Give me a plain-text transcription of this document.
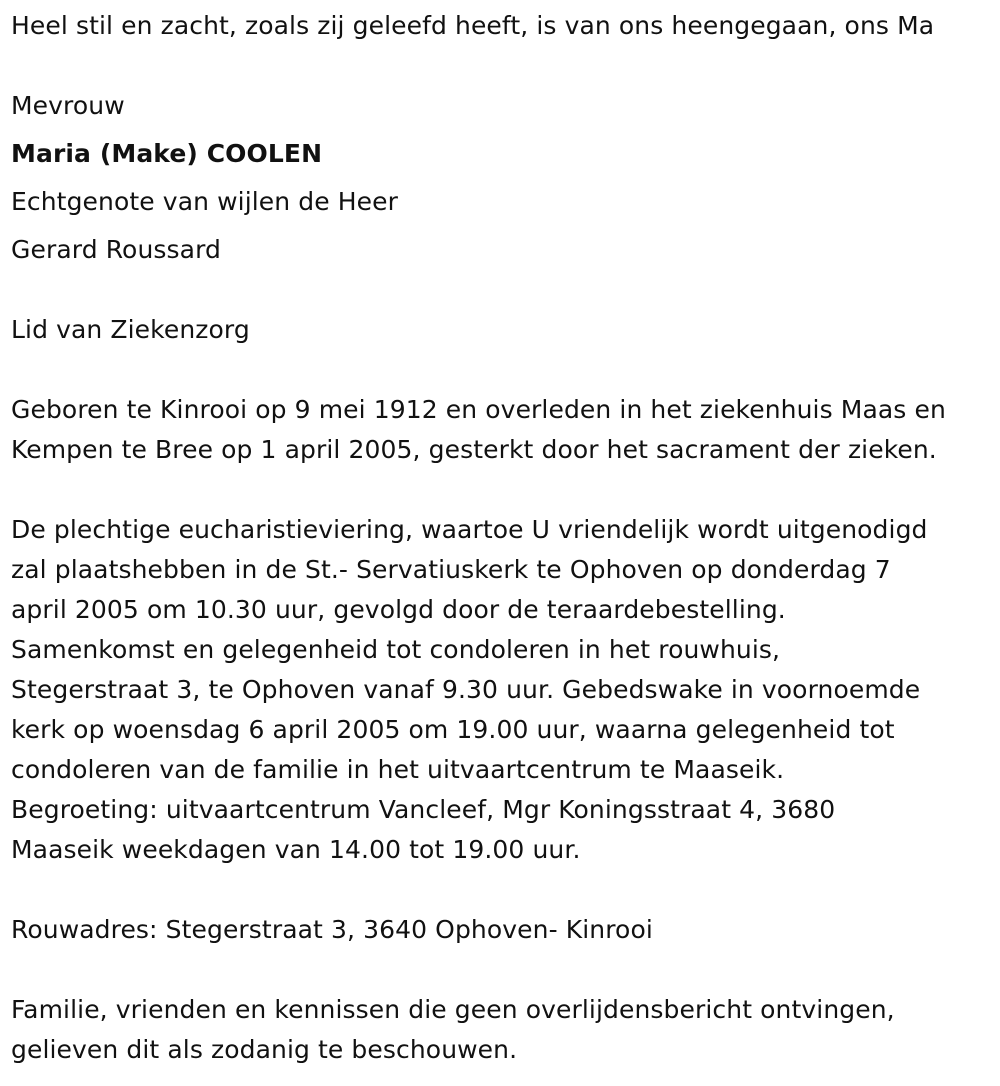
Heel stil en zacht, zoals zij geleefd heeft, is van ons heengegaan, ons Ma
Mevrouw
Maria (Make) COOLEN
Echtgenote van wijlen de Heer
Gerard Roussard
Lid van Ziekenzorg
Geboren te Kinrooi op 9 mei 1912 en overleden in het ziekenhuis Maas en
Kempen te Bree op 1 april 2005, gesterkt door het sacrament der zieken.
De plechtige eucharistieviering, waartoe U vriendelijk wordt uitgenodigd
zal plaatshebben in de St.- Servatiuskerk te Ophoven op donderdag 7
april 2005 om 10.30 uur, gevolgd door de teraardebestelling.
Samenkomst en gelegenheid tot condoleren in het rouwhuis,
Stegerstraat 3, te Ophoven vanaf 9.30 uur. Gebedswake in voornoemde
kerk op woensdag 6 april 2005 om 19.00 uur, waarna gelegenheid tot
condoleren van de familie in het uitvaartcentrum te Maaseik.
Begroeting: uitvaartcentrum Vancleef, Mgr Koningsstraat 4, 3680
Maaseik weekdagen van 14.00 tot 19.00 uur.
Rouwadres: Stegerstraat 3, 3640 Ophoven- Kinrooi
Familie, vrienden en kennissen die geen overlijdensbericht ontvingen,
gelieven dit als zodanig te beschouwen.
